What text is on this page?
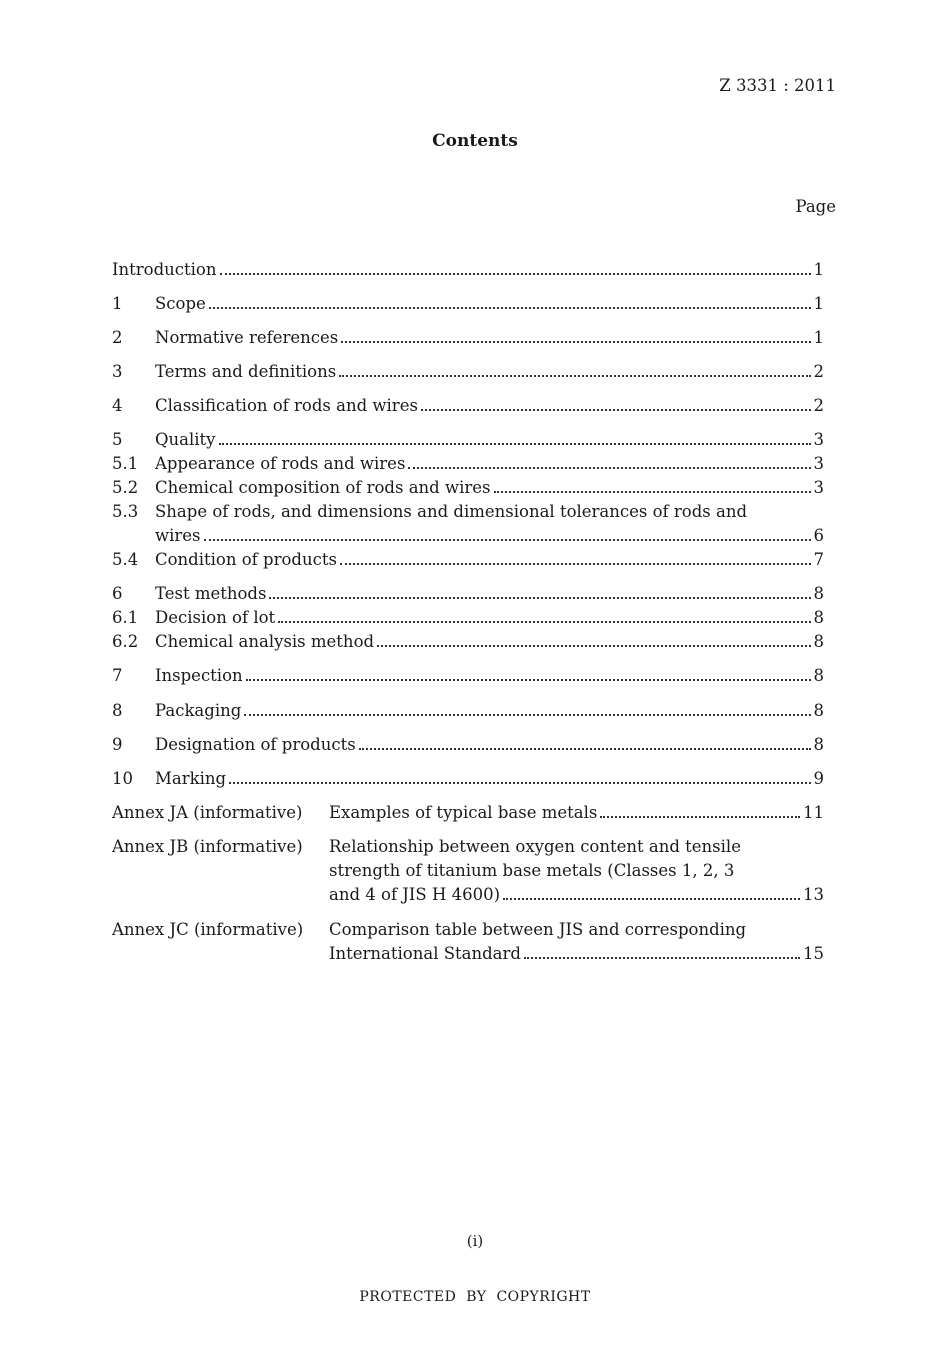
Z 3331 : 2011
Contents
Page
Introduction	1
1	Scope	1
2	Normative references	1
3	Terms and definitions	2
4	Classification of rods and wires	2
5	Quality	3
5.1	Appearance of rods and wires	3
5.2	Chemical composition of rods and wires	3
5.3	Shape of rods, and dimensions and dimensional tolerances of rods and
wires	6
5.4	Condition of products	7
6	Test methods	8
6.1	Decision of lot	8
6.2	Chemical analysis method	8
7	Inspection	8
8	Packaging	8
9	Designation of products	8
10	Marking	9
Annex JA (informative)	Examples of typical base metals	11
Annex JB (informative)	Relationship between oxygen content and tensile
strength of titanium base metals (Classes 1, 2, 3
and 4 of JIS H 4600)	13
Annex JC (informative)	Comparison table between JIS and corresponding
International Standard	15
(i)
PROTECTED  BY  COPYRIGHT
